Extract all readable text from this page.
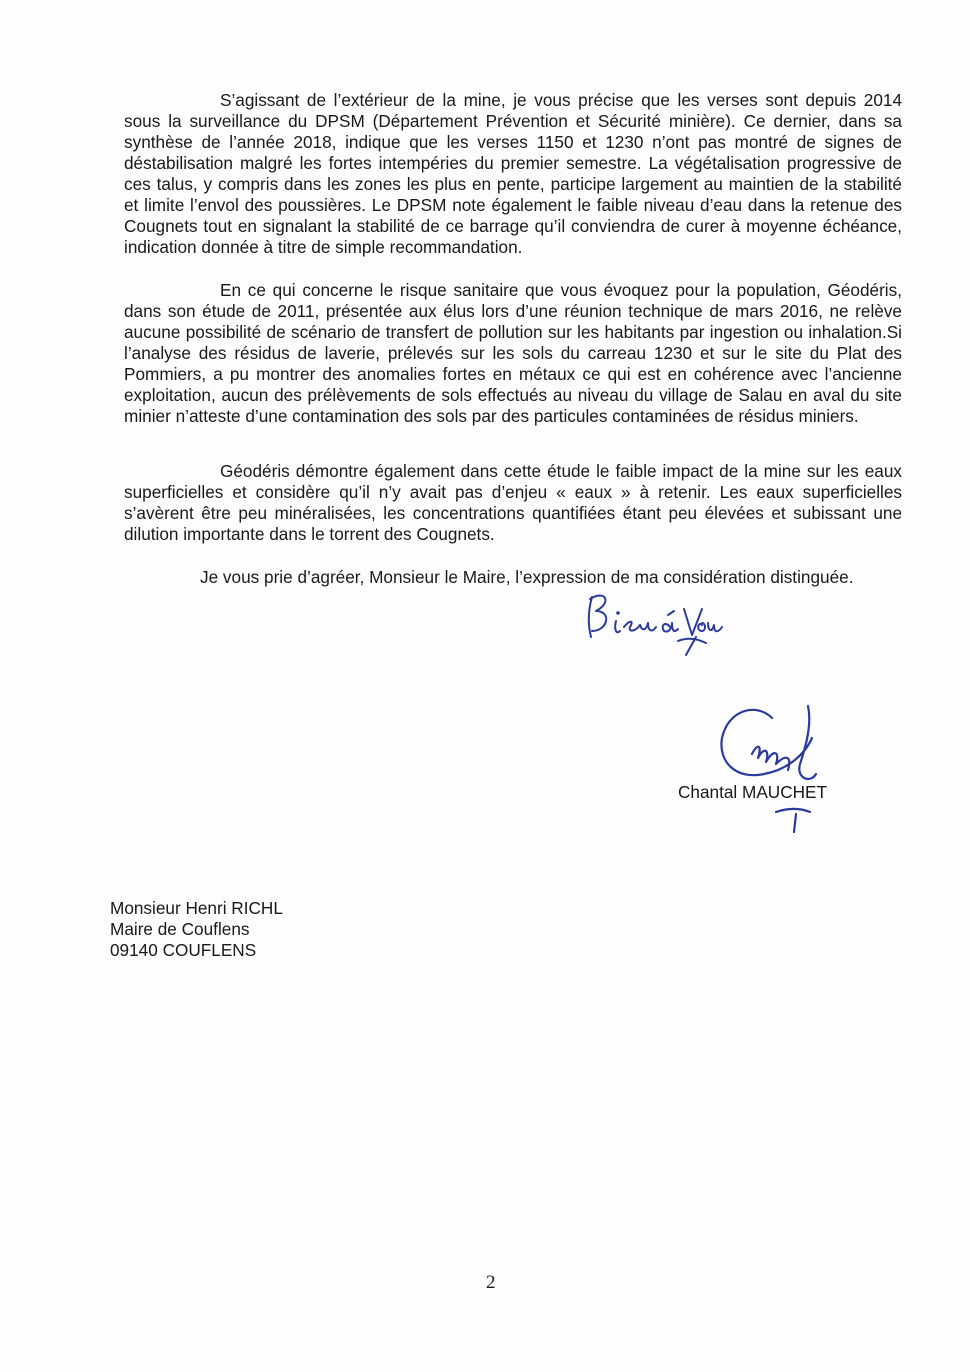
S’agissant de l’extérieur de la mine, je vous précise que les verses sont depuis 2014 sous la surveillance du DPSM (Département Prévention et Sécurité minière). Ce dernier, dans sa synthèse de l’année 2018, indique que les verses 1150 et 1230 n’ont pas montré de signes de déstabilisation malgré les fortes intempéries du premier semestre. La végétalisation progressive de ces talus, y compris dans les zones les plus en pente, participe largement au maintien de la stabilité et limite l’envol des poussières. Le DPSM note également le faible niveau d’eau dans la retenue des Cougnets tout en signalant la stabilité de ce barrage qu’il conviendra de curer à moyenne échéance, indication donnée à titre de simple recommandation.

En ce qui concerne le risque sanitaire que vous évoquez pour la population, Géodéris, dans son étude de 2011, présentée aux élus lors d’une réunion technique de mars 2016, ne relève aucune possibilité de scénario de transfert de pollution sur les habitants par ingestion ou inhalation.Si l’analyse des résidus de laverie, prélevés sur les sols du carreau 1230 et sur le site du Plat des Pommiers, a pu montrer des anomalies fortes en métaux ce qui est en cohérence avec l’ancienne exploitation, aucun des prélèvements de sols effectués au niveau du village de Salau en aval du site minier n’atteste d’une contamination des sols par des particules contaminées de résidus miniers.

Géodéris démontre également dans cette étude le faible impact de la mine sur les eaux superficielles et considère qu’il n’y avait pas d’enjeu « eaux » à retenir. Les eaux superficielles s’avèrent être peu minéralisées, les concentrations quantifiées étant peu élevées et subissant une dilution importante dans le torrent des Cougnets.

Je vous prie d’agréer, Monsieur le Maire, l’expression de ma considération distinguée.
Chantal MAUCHET
Monsieur Henri RICHL
Maire de Couflens
09140 COUFLENS
2
